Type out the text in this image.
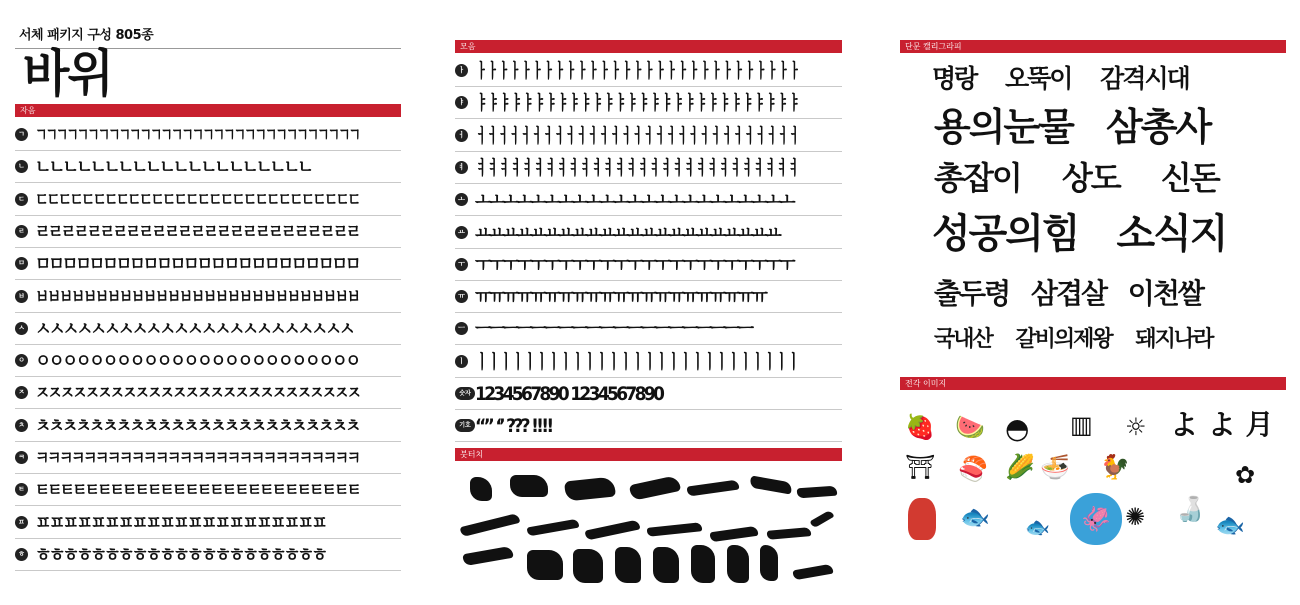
서체 패키지 구성 805종
바위
자음
ㄱ ㄱㄱㄱㄱㄱㄱㄱㄱㄱㄱㄱㄱㄱㄱㄱㄱㄱㄱㄱㄱㄱㄱㄱㄱㄱㄱㄱㄱㄱㄱㄱ
ㄴ ㄴㄴㄴㄴㄴㄴㄴㄴㄴㄴㄴㄴㄴㄴㄴㄴㄴㄴㄴㄴ
ㄷ ㄷㄷㄷㄷㄷㄷㄷㄷㄷㄷㄷㄷㄷㄷㄷㄷㄷㄷㄷㄷㄷㄷㄷㄷㄷㄷㄷㄷ
ㄹ ㄹㄹㄹㄹㄹㄹㄹㄹㄹㄹㄹㄹㄹㄹㄹㄹㄹㄹㄹㄹㄹㄹㄹㄹㄹ
ㅁ ㅁㅁㅁㅁㅁㅁㅁㅁㅁㅁㅁㅁㅁㅁㅁㅁㅁㅁㅁㅁㅁㅁㅁㅁ
ㅂ ㅂㅂㅂㅂㅂㅂㅂㅂㅂㅂㅂㅂㅂㅂㅂㅂㅂㅂㅂㅂㅂㅂㅂㅂㅂㅂㅂ
ㅅ ㅅㅅㅅㅅㅅㅅㅅㅅㅅㅅㅅㅅㅅㅅㅅㅅㅅㅅㅅㅅㅅㅅㅅ
ㅇ ㅇㅇㅇㅇㅇㅇㅇㅇㅇㅇㅇㅇㅇㅇㅇㅇㅇㅇㅇㅇㅇㅇㅇㅇ
ㅈ ㅈㅈㅈㅈㅈㅈㅈㅈㅈㅈㅈㅈㅈㅈㅈㅈㅈㅈㅈㅈㅈㅈㅈㅈㅈㅈ
ㅊ ㅊㅊㅊㅊㅊㅊㅊㅊㅊㅊㅊㅊㅊㅊㅊㅊㅊㅊㅊㅊㅊㅊㅊㅊ
ㅋ ㅋㅋㅋㅋㅋㅋㅋㅋㅋㅋㅋㅋㅋㅋㅋㅋㅋㅋㅋㅋㅋㅋㅋㅋㅋㅋㅋ
ㅌ ㅌㅌㅌㅌㅌㅌㅌㅌㅌㅌㅌㅌㅌㅌㅌㅌㅌㅌㅌㅌㅌㅌㅌㅌㅌㅌ
ㅍ ㅍㅍㅍㅍㅍㅍㅍㅍㅍㅍㅍㅍㅍㅍㅍㅍㅍㅍㅍㅍㅍ
ㅎ ㅎㅎㅎㅎㅎㅎㅎㅎㅎㅎㅎㅎㅎㅎㅎㅎㅎㅎㅎㅎㅎ
모음
ㅏ ㅏㅏㅏㅏㅏㅏㅏㅏㅏㅏㅏㅏㅏㅏㅏㅏㅏㅏㅏㅏㅏㅏㅏㅏㅏㅏㅏㅏㅏ
ㅑ ㅑㅑㅑㅑㅑㅑㅑㅑㅑㅑㅑㅑㅑㅑㅑㅑㅑㅑㅑㅑㅑㅑㅑㅑㅑㅑㅑㅑ
ㅓ ㅓㅓㅓㅓㅓㅓㅓㅓㅓㅓㅓㅓㅓㅓㅓㅓㅓㅓㅓㅓㅓㅓㅓㅓㅓㅓㅓㅓㅓ
ㅕ ㅕㅕㅕㅕㅕㅕㅕㅕㅕㅕㅕㅕㅕㅕㅕㅕㅕㅕㅕㅕㅕㅕㅕㅕㅕㅕㅕㅕ
ㅗ ㅗㅗㅗㅗㅗㅗㅗㅗㅗㅗㅗㅗㅗㅗㅗㅗㅗㅗㅗㅗㅗㅗㅗ
ㅛ ㅛㅛㅛㅛㅛㅛㅛㅛㅛㅛㅛㅛㅛㅛㅛㅛㅛㅛㅛㅛㅛㅛ
ㅜ ㅜㅜㅜㅜㅜㅜㅜㅜㅜㅜㅜㅜㅜㅜㅜㅜㅜㅜㅜㅜㅜㅜㅜ
ㅠ ㅠㅠㅠㅠㅠㅠㅠㅠㅠㅠㅠㅠㅠㅠㅠㅠㅠㅠㅠㅠㅠ
ㅡ ㅡㅡㅡㅡㅡㅡㅡㅡㅡㅡㅡㅡㅡㅡㅡㅡㅡㅡㅡㅡ
ㅣ ㅣㅣㅣㅣㅣㅣㅣㅣㅣㅣㅣㅣㅣㅣㅣㅣㅣㅣㅣㅣㅣㅣㅣㅣㅣㅣㅣ
숫자 1234567890 1234567890
기호 “” ‘’ ??? !!!!
붓터치
단문 캘리그라피
명랑 오뚝이 감격시대
용의눈물 삼총사
총잡이 상도 신돈
성공의힘 소식지
출두령 삼겹살 이천쌀
국내산 갈비의제왕 돼지나라
전각 이미지
🍓 🍉 ◓ ▥ ☼ よ よ 月
⛩ 🍣 🌽 🍜 🐓
🐟 🐟	🦑 ✺ 🍶
🐟
✿
